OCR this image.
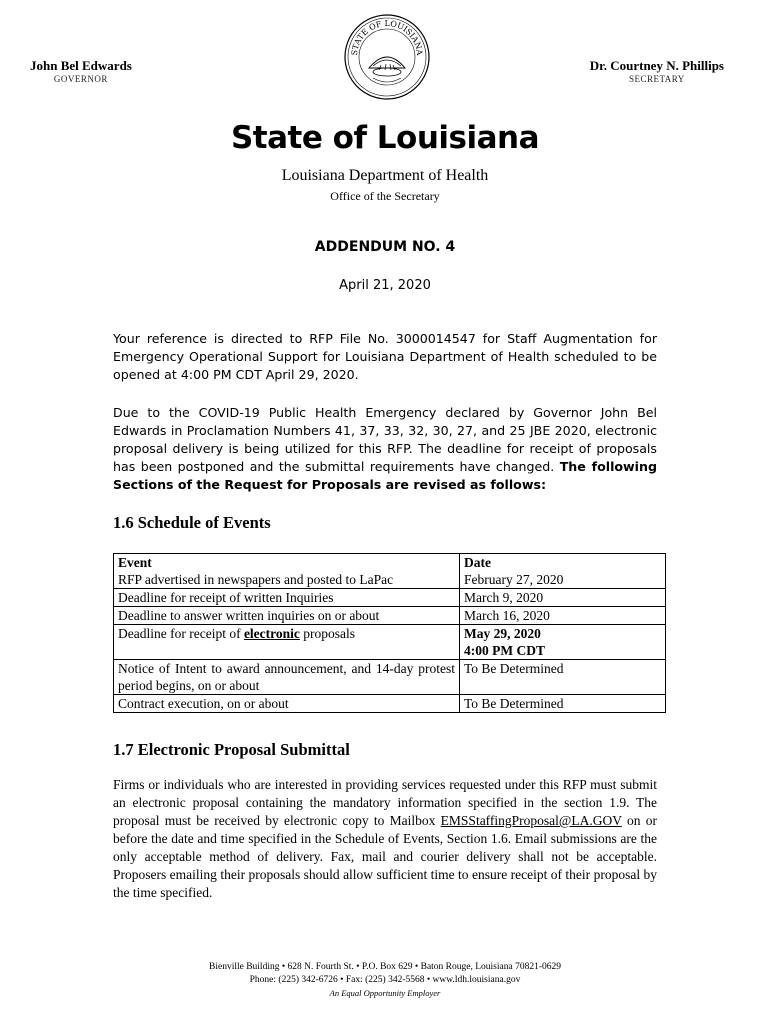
John Bel Edwards
GOVERNOR
STATE OF LOUISIANA
Dr. Courtney N. Phillips
SECRETARY
State of Louisiana
Louisiana Department of Health
Office of the Secretary
ADDENDUM NO. 4
April 21, 2020
Your reference is directed to RFP File No. 3000014547 for Staff Augmentation for Emergency Operational Support for Louisiana Department of Health scheduled to be opened at 4:00 PM CDT April 29, 2020.
Due to the COVID-19 Public Health Emergency declared by Governor John Bel Edwards in Proclamation Numbers 41, 37, 33, 32, 30, 27, and 25 JBE 2020, electronic proposal delivery is being utilized for this RFP. The deadline for receipt of proposals has been postponed and the submittal requirements have changed. The following Sections of the Request for Proposals are revised as follows:
1.6 Schedule of Events
Event	Date
RFP advertised in newspapers and posted to LaPac	February 27, 2020
Deadline for receipt of written Inquiries	March 9, 2020
Deadline to answer written inquiries on or about	March 16, 2020
Deadline for receipt of electronic proposals	May 29, 2020
4:00 PM CDT

Notice of Intent to award announcement, and 14-day protest period begins, on or about	To Be Determined
Contract execution, on or about	To Be Determined
1.7 Electronic Proposal Submittal
Firms or individuals who are interested in providing services requested under this RFP must submit an electronic proposal containing the mandatory information specified in the section 1.9. The proposal must be received by electronic copy to Mailbox EMSStaffingProposal@LA.GOV on or before the date and time specified in the Schedule of Events, Section 1.6. Email submissions are the only acceptable method of delivery. Fax, mail and courier delivery shall not be acceptable. Proposers emailing their proposals should allow sufficient time to ensure receipt of their proposal by the time specified.
Bienville Building • 628 N. Fourth St. • P.O. Box 629 • Baton Rouge, Louisiana 70821-0629
Phone: (225) 342-6726 • Fax: (225) 342-5568 • www.ldh.louisiana.gov
An Equal Opportunity Employer
